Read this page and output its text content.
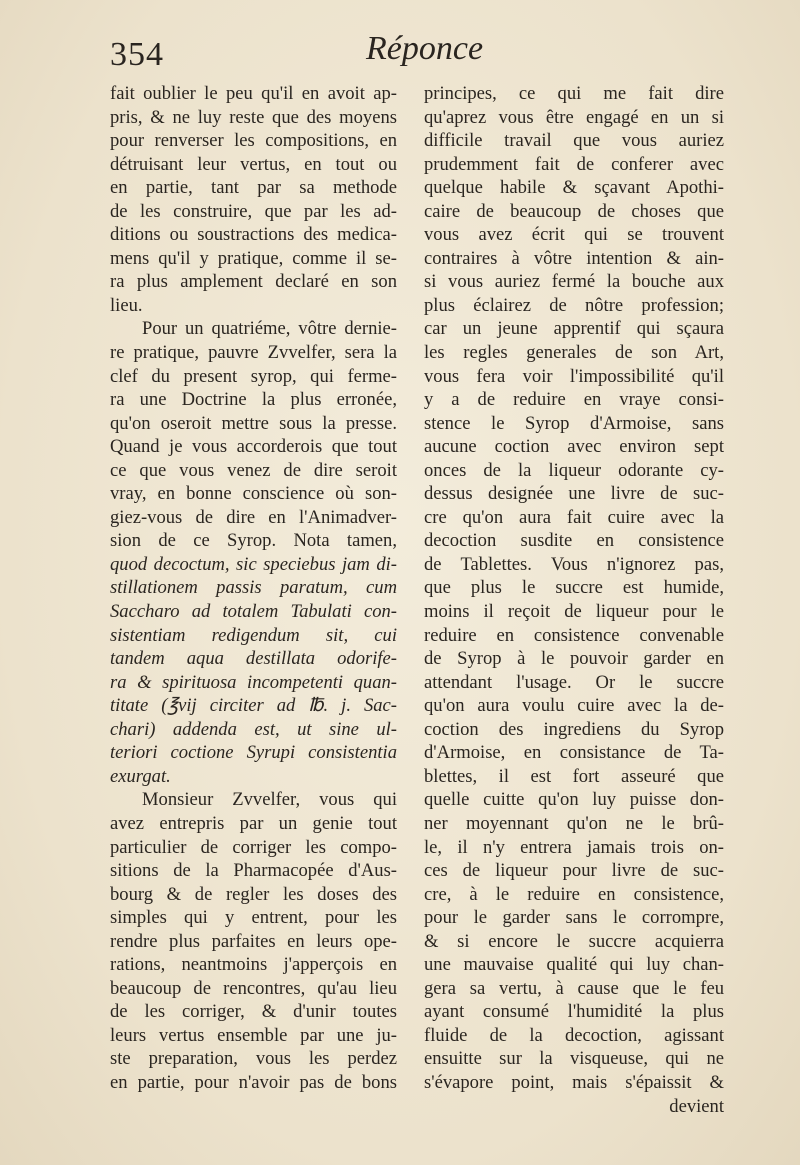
354	Réponce
fait oublier le peu qu'il en avoit ap-
pris, & ne luy reste que des moyens
pour renverser les compositions, en
détruisant leur vertus, en tout ou
en partie, tant par sa methode
de les construire, que par les ad-
ditions ou soustractions des medica-
mens qu'il y pratique, comme il se-
ra plus amplement declaré en son
lieu.
Pour un quatriéme, vôtre dernie-
re pratique, pauvre Zvvelfer, sera la
clef du present syrop, qui ferme-
ra une Doctrine la plus erronée,
qu'on oseroit mettre sous la presse.
Quand je vous accorderois que tout
ce que vous venez de dire seroit
vray, en bonne conscience où son-
giez-vous de dire en l'Animadver-
sion de ce Syrop. Nota tamen,
quod decoctum, sic speciebus jam di-
stillationem passis paratum, cum
Saccharo ad totalem Tabulati con-
sistentiam redigendum sit, cui
tandem aqua destillata odorife-
ra & spirituosa incompetenti quan-
titate (℥vij circiter ad ℔. j. Sac-
chari) addenda est, ut sine ul-
teriori coctione Syrupi consistentia
exurgat.
Monsieur Zvvelfer, vous qui
avez entrepris par un genie tout
particulier de corriger les compo-
sitions de la Pharmacopée d'Aus-
bourg & de regler les doses des
simples qui y entrent, pour les
rendre plus parfaites en leurs ope-
rations, neantmoins j'apperçois en
beaucoup de rencontres, qu'au lieu
de les corriger, & d'unir toutes
leurs vertus ensemble par une ju-
ste preparation, vous les perdez
en partie, pour n'avoir pas de bons
principes, ce qui me fait dire
qu'aprez vous être engagé en un si
difficile travail que vous auriez
prudemment fait de conferer avec
quelque habile & sçavant Apothi-
caire de beaucoup de choses que
vous avez écrit qui se trouvent
contraires à vôtre intention & ain-
si vous auriez fermé la bouche aux
plus éclairez de nôtre profession;
car un jeune apprentif qui sçaura
les regles generales de son Art,
vous fera voir l'impossibilité qu'il
y a de reduire en vraye consi-
stence le Syrop d'Armoise, sans
aucune coction avec environ sept
onces de la liqueur odorante cy-
dessus designée une livre de suc-
cre qu'on aura fait cuire avec la
decoction susdite en consistence
de Tablettes. Vous n'ignorez pas,
que plus le succre est humide,
moins il reçoit de liqueur pour le
reduire en consistence convenable
de Syrop à le pouvoir garder en
attendant l'usage. Or le succre
qu'on aura voulu cuire avec la de-
coction des ingrediens du Syrop
d'Armoise, en consistance de Ta-
blettes, il est fort asseuré que
quelle cuitte qu'on luy puisse don-
ner moyennant qu'on ne le brû-
le, il n'y entrera jamais trois on-
ces de liqueur pour livre de suc-
cre, à le reduire en consistence,
pour le garder sans le corrompre,
& si encore le succre acquierra
une mauvaise qualité qui luy chan-
gera sa vertu, à cause que le feu
ayant consumé l'humidité la plus
fluide de la decoction, agissant
ensuitte sur la visqueuse, qui ne
s'évapore point, mais s'épaissit &
devient
